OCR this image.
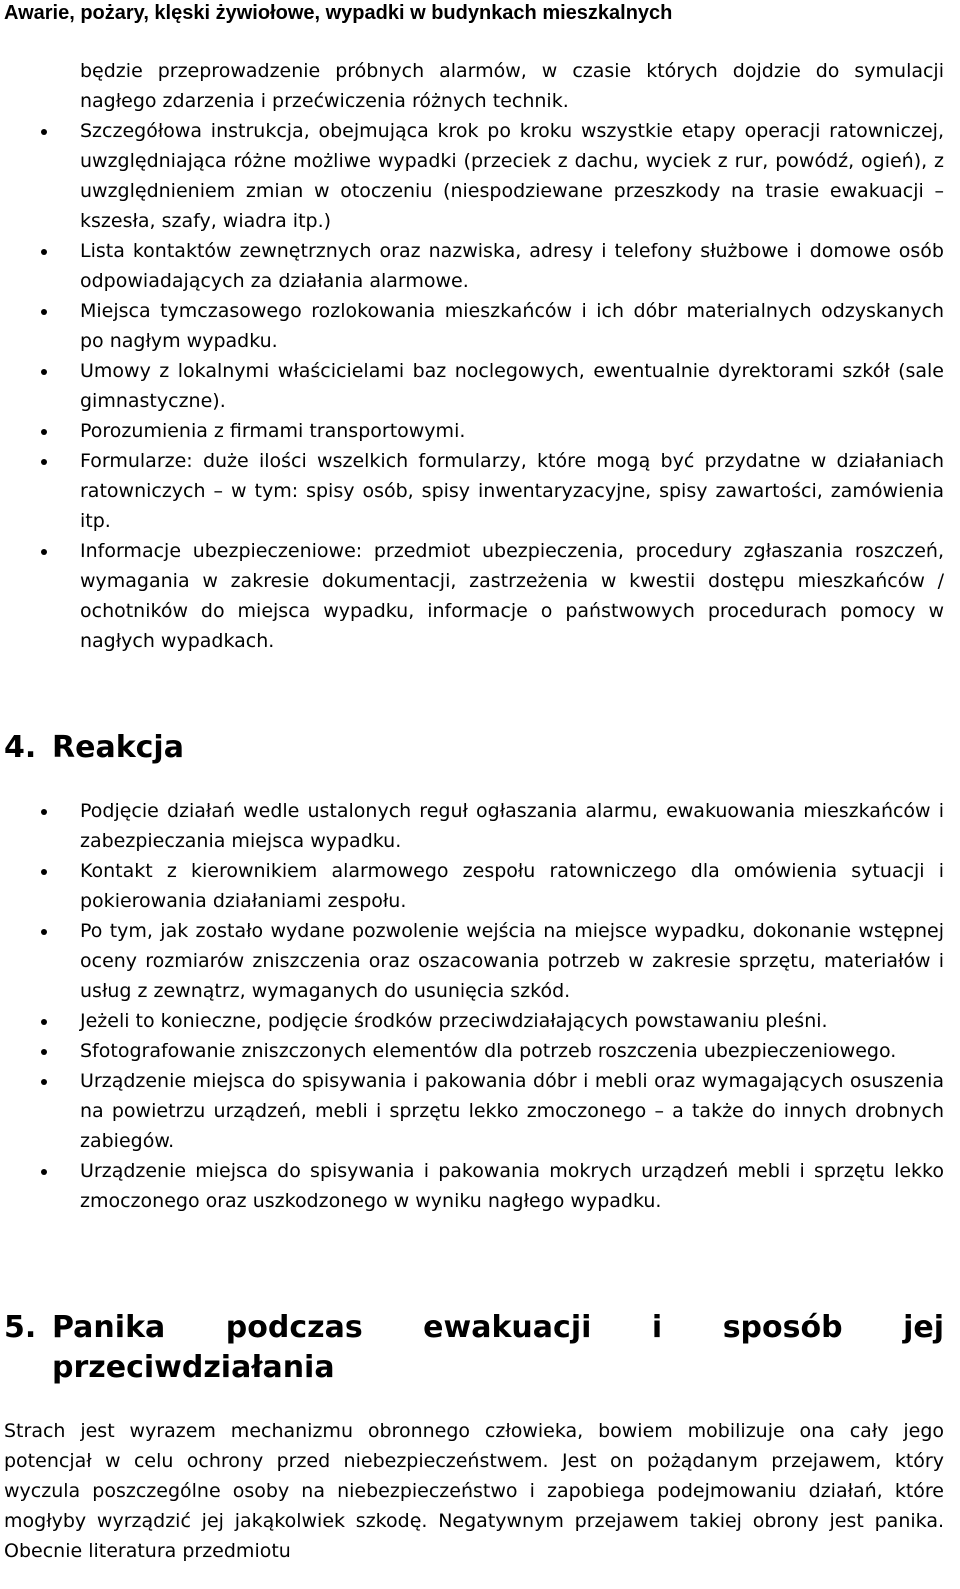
Awarie, pożary, klęski żywiołowe, wypadki w budynkach mieszkalnych
będzie przeprowadzenie próbnych alarmów, w czasie których dojdzie do symulacji nagłego zdarzenia i przećwiczenia różnych technik.
Szczegółowa instrukcja, obejmująca krok po kroku wszystkie etapy operacji ratowniczej, uwzględniająca różne możliwe wypadki (przeciek z dachu, wyciek z rur, powódź, ogień), z uwzględnieniem zmian w otoczeniu (niespodziewane przeszkody na trasie ewakuacji – kszesła, szafy, wiadra itp.)
Lista kontaktów zewnętrznych oraz nazwiska, adresy i telefony służbowe i domowe osób odpowiadających za działania alarmowe.
Miejsca tymczasowego rozlokowania mieszkańców i ich dóbr materialnych odzyskanych po nagłym wypadku.
Umowy z lokalnymi właścicielami baz noclegowych, ewentualnie dyrektorami szkół (sale gimnastyczne).
Porozumienia z firmami transportowymi.
Formularze: duże ilości wszelkich formularzy, które mogą być przydatne w działaniach ratowniczych – w tym: spisy osób, spisy inwentaryzacyjne, spisy zawartości, zamówienia itp.
Informacje ubezpieczeniowe: przedmiot ubezpieczenia, procedury zgłaszania roszczeń, wymagania w zakresie dokumentacji, zastrzeżenia w kwestii dostępu mieszkańców / ochotników do miejsca wypadku, informacje o państwowych procedurach pomocy w nagłych wypadkach.
4. Reakcja
Podjęcie działań wedle ustalonych reguł ogłaszania alarmu, ewakuowania mieszkańców i zabezpieczania miejsca wypadku.
Kontakt z kierownikiem alarmowego zespołu ratowniczego dla omówienia sytuacji i pokierowania działaniami zespołu.
Po tym, jak zostało wydane pozwolenie wejścia na miejsce wypadku, dokonanie wstępnej oceny rozmiarów zniszczenia oraz oszacowania potrzeb w zakresie sprzętu, materiałów i usług z zewnątrz, wymaganych do usunięcia szkód.
Jeżeli to konieczne, podjęcie środków przeciwdziałających powstawaniu pleśni.
Sfotografowanie zniszczonych elementów dla potrzeb roszczenia ubezpieczeniowego.
Urządzenie miejsca do spisywania i pakowania dóbr i mebli oraz wymagających osuszenia na powietrzu urządzeń, mebli i sprzętu lekko zmoczonego – a także do innych drobnych zabiegów.
Urządzenie miejsca do spisywania i pakowania mokrych urządzeń mebli i sprzętu lekko zmoczonego oraz uszkodzonego w wyniku nagłego wypadku.
5. Panika podczas ewakuacji i sposób jej
przeciwdziałania

Strach jest wyrazem mechanizmu obronnego człowieka, bowiem mobilizuje ona cały jego potencjał w celu ochrony przed niebezpieczeństwem. Jest on pożądanym przejawem, który wyczula poszczególne osoby na niebezpieczeństwo i zapobiega podejmowaniu działań, które mogłyby wyrządzić jej jakąkolwiek szkodę. Negatywnym przejawem takiej obrony jest panika. Obecnie literatura przedmiotu
